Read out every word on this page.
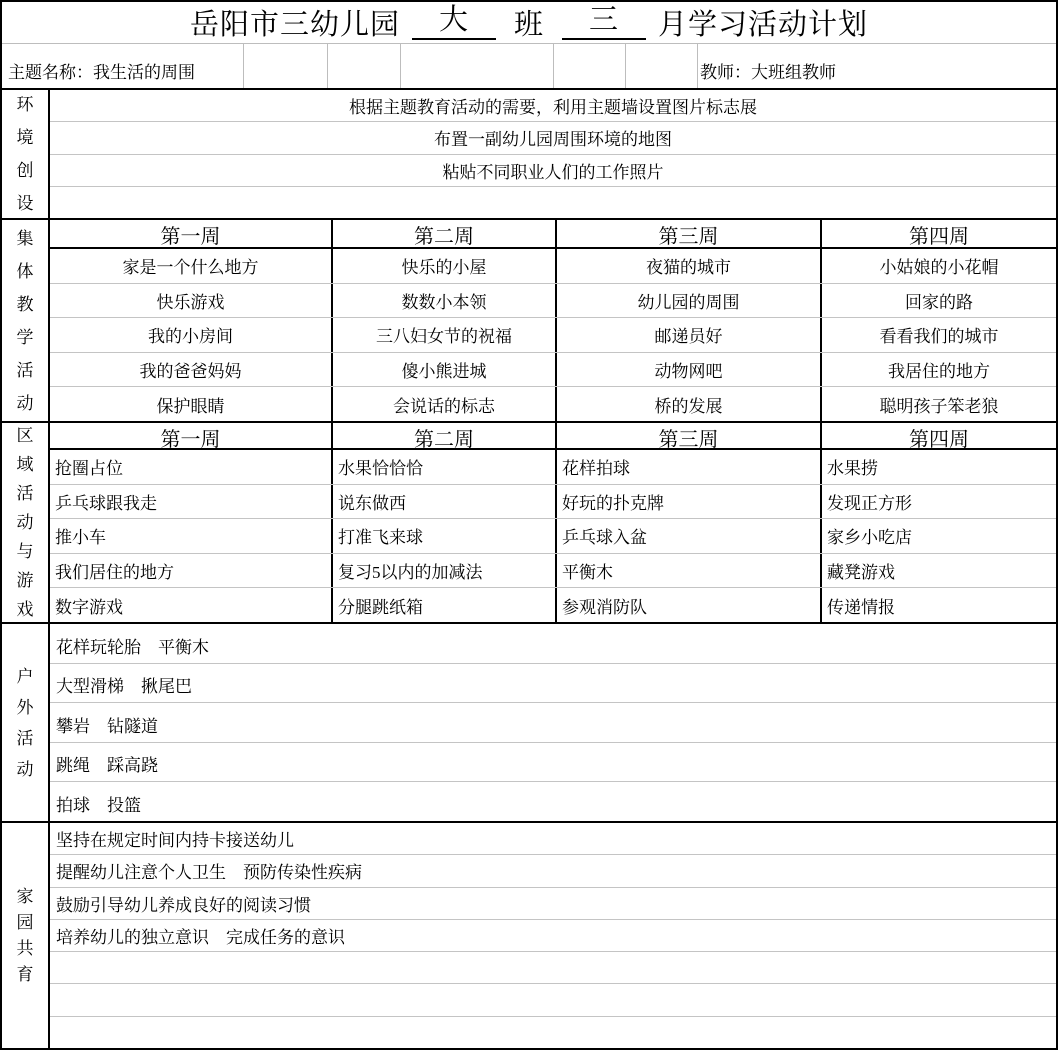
岳阳市三幼儿园	大	班	三	月学习活动计划
主题名称：我生活的周围	教师：大班组教师
环境创设
根据主题教育活动的需要，利用主题墙设置图片标志展
布置一副幼儿园周围环境的地图
粘贴不同职业人们的工作照片
集体教学活动
第一周	第二周	第三周	第四周
家是一个什么地方	快乐的小屋	夜猫的城市	小姑娘的小花帽
快乐游戏	数数小本领	幼儿园的周围	回家的路
我的小房间	三八妇女节的祝福	邮递员好	看看我们的城市
我的爸爸妈妈	傻小熊进城	动物网吧	我居住的地方
保护眼睛	会说话的标志	桥的发展	聪明孩子笨老狼
区域活动与游戏
第一周	第二周	第三周	第四周
抢圈占位	水果恰恰恰	花样拍球	水果捞
乒乓球跟我走	说东做西	好玩的扑克牌	发现正方形
推小车	打准飞来球	乒乓球入盆	家乡小吃店
我们居住的地方	复习5以内的加减法	平衡木	藏凳游戏
数字游戏	分腿跳纸箱	参观消防队	传递情报
户外活动
花样玩轮胎　平衡木
大型滑梯　揪尾巴
攀岩　钻隧道
跳绳　踩高跷
拍球　投篮
家园共育
坚持在规定时间内持卡接送幼儿
提醒幼儿注意个人卫生　预防传染性疾病
鼓励引导幼儿养成良好的阅读习惯
培养幼儿的独立意识　完成任务的意识
